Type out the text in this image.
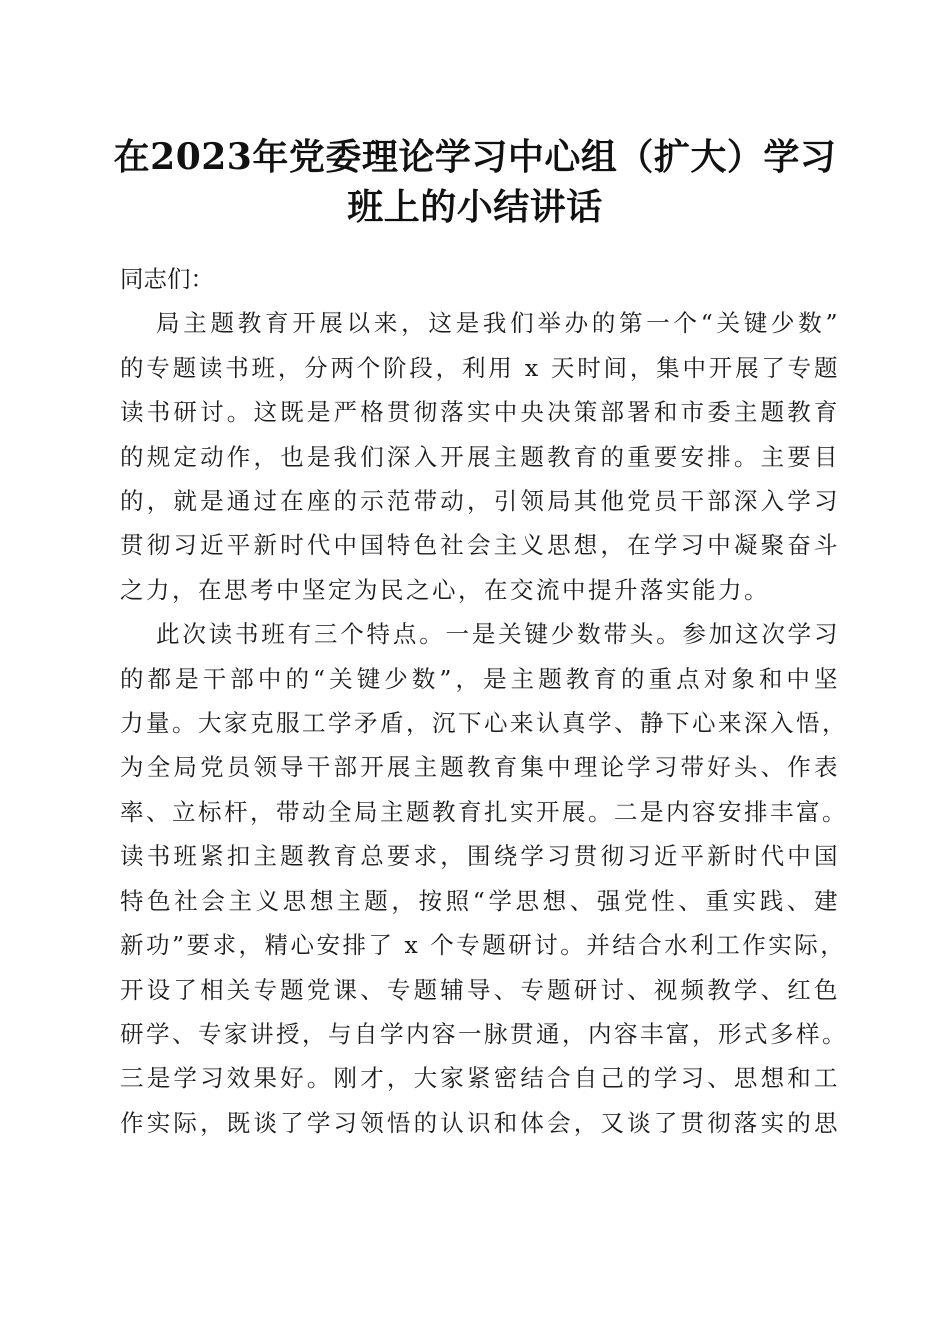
在2023年党委理论学习中心组（扩大）学习
班上的小结讲话

同志们：

局主题教育开展以来，这是我们举办的第一个“关键少数”
的专题读书班，分两个阶段，利用 x 天时间，集中开展了专题
读书研讨。这既是严格贯彻落实中央决策部署和市委主题教育
的规定动作，也是我们深入开展主题教育的重要安排。主要目
的，就是通过在座的示范带动，引领局其他党员干部深入学习
贯彻习近平新时代中国特色社会主义思想，在学习中凝聚奋斗
之力，在思考中坚定为民之心，在交流中提升落实能力。

此次读书班有三个特点。一是关键少数带头。参加这次学习
的都是干部中的“关键少数”，是主题教育的重点对象和中坚
力量。大家克服工学矛盾，沉下心来认真学、静下心来深入悟，
为全局党员领导干部开展主题教育集中理论学习带好头、作表
率、立标杆，带动全局主题教育扎实开展。二是内容安排丰富。
读书班紧扣主题教育总要求，围绕学习贯彻习近平新时代中国
特色社会主义思想主题，按照“学思想、强党性、重实践、建
新功”要求，精心安排了 x 个专题研讨。并结合水利工作实际，
开设了相关专题党课、专题辅导、专题研讨、视频教学、红色
研学、专家讲授，与自学内容一脉贯通，内容丰富，形式多样。
三是学习效果好。刚才，大家紧密结合自己的学习、思想和工
作实际，既谈了学习领悟的认识和体会，又谈了贯彻落实的思
